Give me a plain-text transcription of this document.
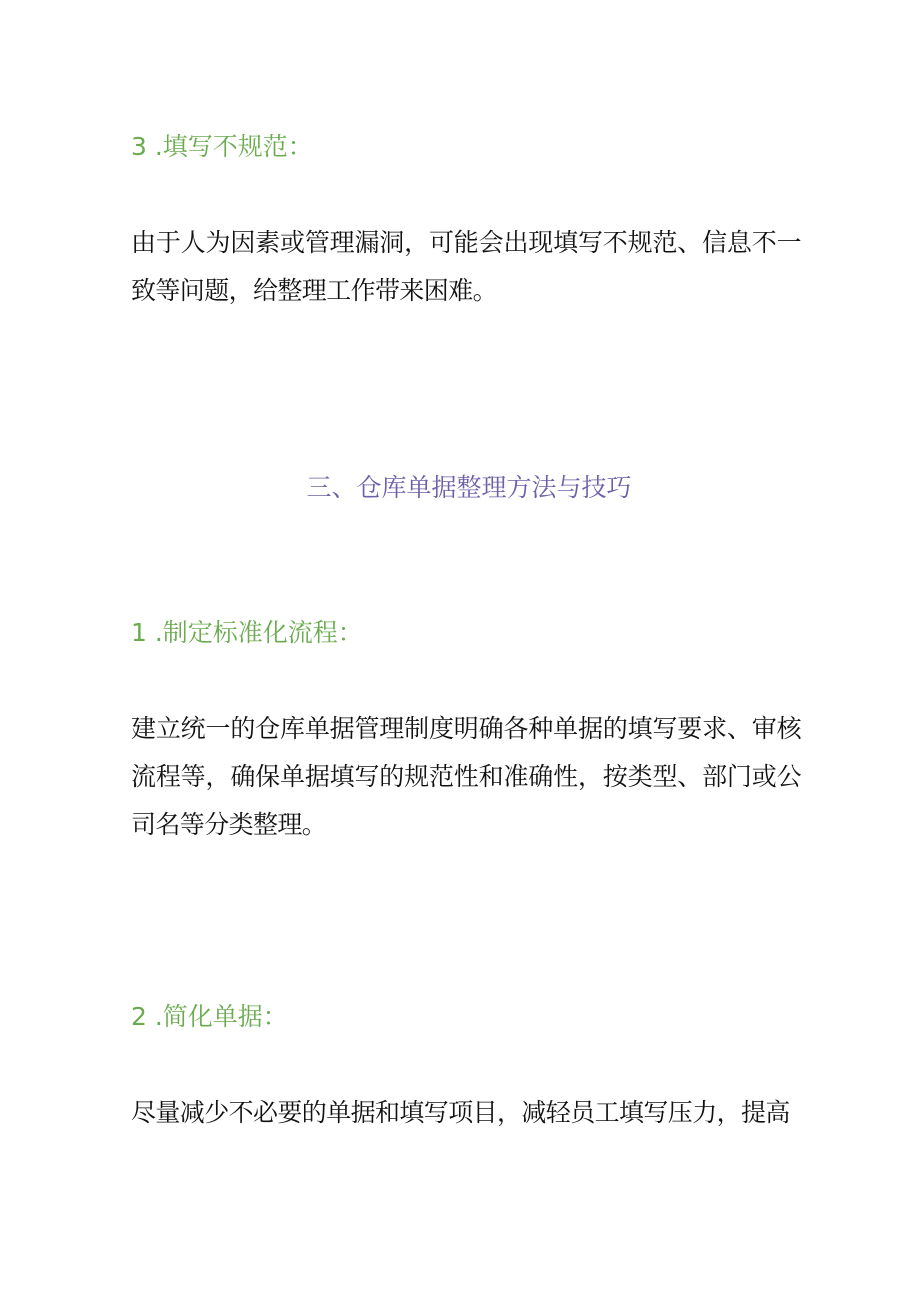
3 .填写不规范：
由于人为因素或管理漏洞，可能会出现填写不规范、信息不一致等问题，给整理工作带来困难。
三、仓库单据整理方法与技巧
1 .制定标准化流程：
建立统一的仓库单据管理制度明确各种单据的填写要求、审核流程等，确保单据填写的规范性和准确性，按类型、部门或公司名等分类整理。
2 .简化单据：
尽量减少不必要的单据和填写项目，减轻员工填写压力，提高
